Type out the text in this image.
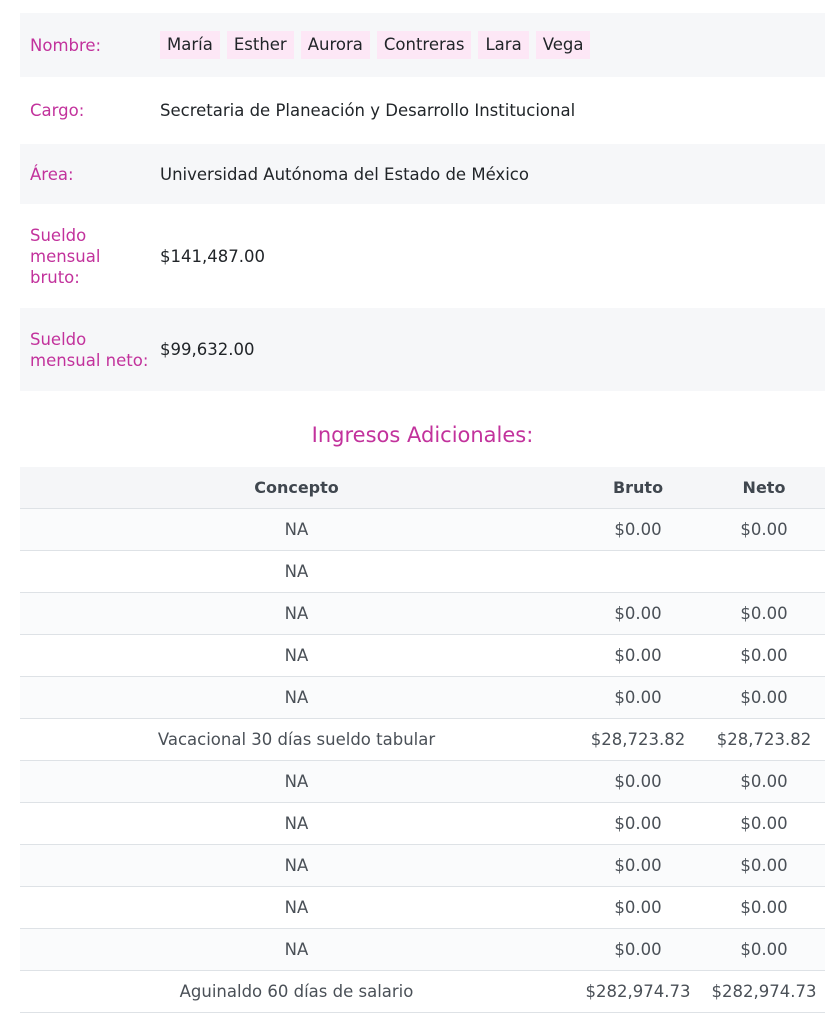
Nombre:	María	Esther	Aurora	Contreras	Lara	Vega
Cargo:	Secretaria de Planeación y Desarrollo Institucional
Área:	Universidad Autónoma del Estado de México
Sueldo mensual bruto:
$141,487.00
Sueldo mensual neto:
$99,632.00
Ingresos Adicionales:
Concepto	Bruto	Neto
NA	$0.00	$0.00
NA
NA	$0.00	$0.00
NA	$0.00	$0.00
NA	$0.00	$0.00
Vacacional 30 días sueldo tabular	$28,723.82	$28,723.82
NA	$0.00	$0.00
NA	$0.00	$0.00
NA	$0.00	$0.00
NA	$0.00	$0.00
NA	$0.00	$0.00
Aguinaldo 60 días de salario	$282,974.73	$282,974.73
